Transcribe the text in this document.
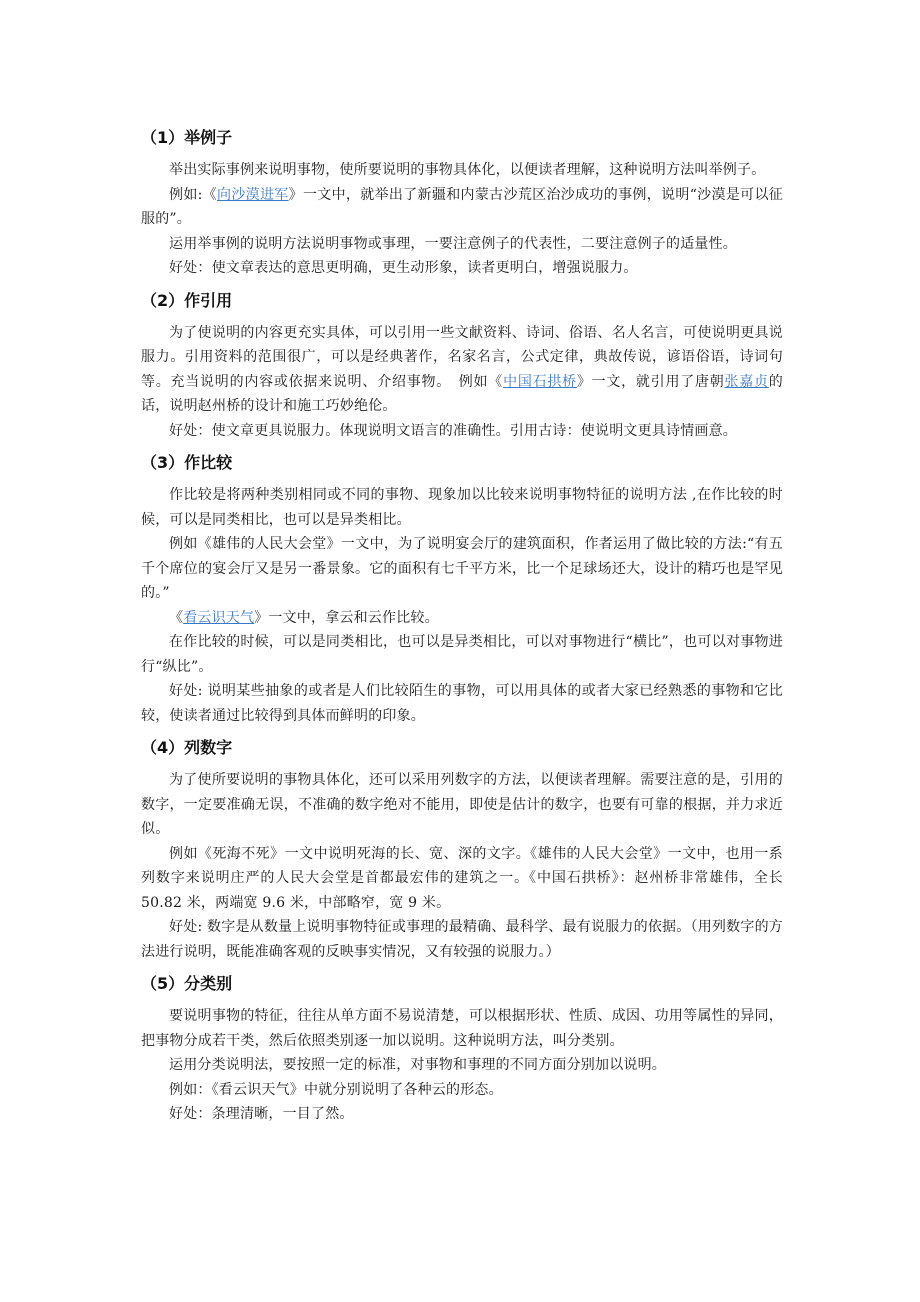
（1）举例子

举出实际事例来说明事物，使所要说明的事物具体化，以便读者理解，这种说明方法叫举例子。

例如:《向沙漠进军》一文中，就举出了新疆和内蒙古沙荒区治沙成功的事例，说明“沙漠是可以征服的”。

运用举事例的说明方法说明事物或事理，一要注意例子的代表性，二要注意例子的适量性。

好处：使文章表达的意思更明确，更生动形象，读者更明白，增强说服力。

（2）作引用

为了使说明的内容更充实具体，可以引用一些文献资料、诗词、俗语、名人名言，可使说明更具说服力。引用资料的范围很广，可以是经典著作，名家名言，公式定律，典故传说，谚语俗语，诗词句等。充当说明的内容或依据来说明、介绍事物。　例如《中国石拱桥》一文，就引用了唐朝张嘉贞的话，说明赵州桥的设计和施工巧妙绝伦。

好处：使文章更具说服力。体现说明文语言的准确性。引用古诗：使说明文更具诗情画意。

（3）作比较

作比较是将两种类别相同或不同的事物、现象加以比较来说明事物特征的说明方法 ,在作比较的时候，可以是同类相比，也可以是异类相比。

例如《雄伟的人民大会堂》一文中，为了说明宴会厅的建筑面积，作者运用了做比较的方法:“有五千个席位的宴会厅又是另一番景象。它的面积有七千平方米，比一个足球场还大，设计的精巧也是罕见的。”

《看云识天气》一文中，拿云和云作比较。

在作比较的时候，可以是同类相比，也可以是异类相比，可以对事物进行“横比”，也可以对事物进行“纵比”。

好处: 说明某些抽象的或者是人们比较陌生的事物，可以用具体的或者大家已经熟悉的事物和它比较，使读者通过比较得到具体而鲜明的印象。

（4）列数字

为了使所要说明的事物具体化，还可以采用列数字的方法，以便读者理解。需要注意的是，引用的数字，一定要准确无误，不准确的数字绝对不能用，即使是估计的数字，也要有可靠的根据，并力求近似。

例如《死海不死》一文中说明死海的长、宽、深的文字。《雄伟的人民大会堂》一文中，也用一系列数字来说明庄严的人民大会堂是首都最宏伟的建筑之一。《中国石拱桥》：赵州桥非常雄伟，全长 50.82 米，两端宽 9.6 米，中部略窄，宽 9 米。

好处: 数字是从数量上说明事物特征或事理的最精确、最科学、最有说服力的依据。（用列数字的方法进行说明，既能准确客观的反映事实情况，又有较强的说服力。）

（5）分类别

要说明事物的特征，往往从单方面不易说清楚，可以根据形状、性质、成因、功用等属性的异同，把事物分成若干类，然后依照类别逐一加以说明。这种说明方法，叫分类别。

运用分类说明法，要按照一定的标准，对事物和事理的不同方面分别加以说明。

例如：《看云识天气》中就分别说明了各种云的形态。

好处：条理清晰，一目了然。
